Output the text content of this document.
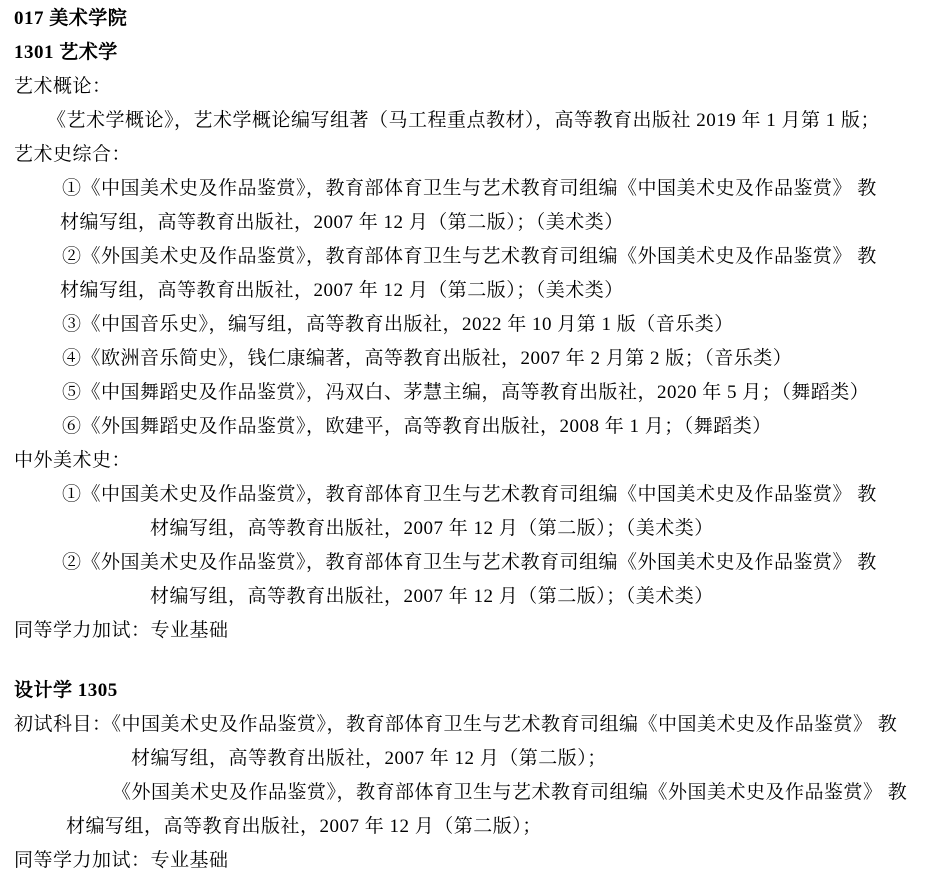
017 美术学院
1301 艺术学
艺术概论：
《艺术学概论》，艺术学概论编写组著（马工程重点教材），高等教育出版社 2019 年 1 月第 1 版；
艺术史综合：
①《中国美术史及作品鉴赏》，教育部体育卫生与艺术教育司组编《中国美术史及作品鉴赏》 教
材编写组，高等教育出版社，2007 年 12 月（第二版）；（美术类）
②《外国美术史及作品鉴赏》，教育部体育卫生与艺术教育司组编《外国美术史及作品鉴赏》 教
材编写组，高等教育出版社，2007 年 12 月（第二版）；（美术类）
③《中国音乐史》，编写组，高等教育出版社，2022 年 10 月第 1 版（音乐类）
④《欧洲音乐简史》，钱仁康编著，高等教育出版社，2007 年 2 月第 2 版；（音乐类）
⑤《中国舞蹈史及作品鉴赏》，冯双白、茅慧主编，高等教育出版社，2020 年 5 月；（舞蹈类）
⑥《外国舞蹈史及作品鉴赏》，欧建平，高等教育出版社，2008 年 1 月；（舞蹈类）
中外美术史：
①《中国美术史及作品鉴赏》，教育部体育卫生与艺术教育司组编《中国美术史及作品鉴赏》 教
材编写组，高等教育出版社，2007 年 12 月（第二版）；（美术类）
②《外国美术史及作品鉴赏》，教育部体育卫生与艺术教育司组编《外国美术史及作品鉴赏》 教
材编写组，高等教育出版社，2007 年 12 月（第二版）；（美术类）
同等学力加试：专业基础
设计学 1305
初试科目：《中国美术史及作品鉴赏》，教育部体育卫生与艺术教育司组编《中国美术史及作品鉴赏》 教
材编写组，高等教育出版社，2007 年 12 月（第二版）；
《外国美术史及作品鉴赏》，教育部体育卫生与艺术教育司组编《外国美术史及作品鉴赏》 教
材编写组，高等教育出版社，2007 年 12 月（第二版）；
同等学力加试：专业基础
